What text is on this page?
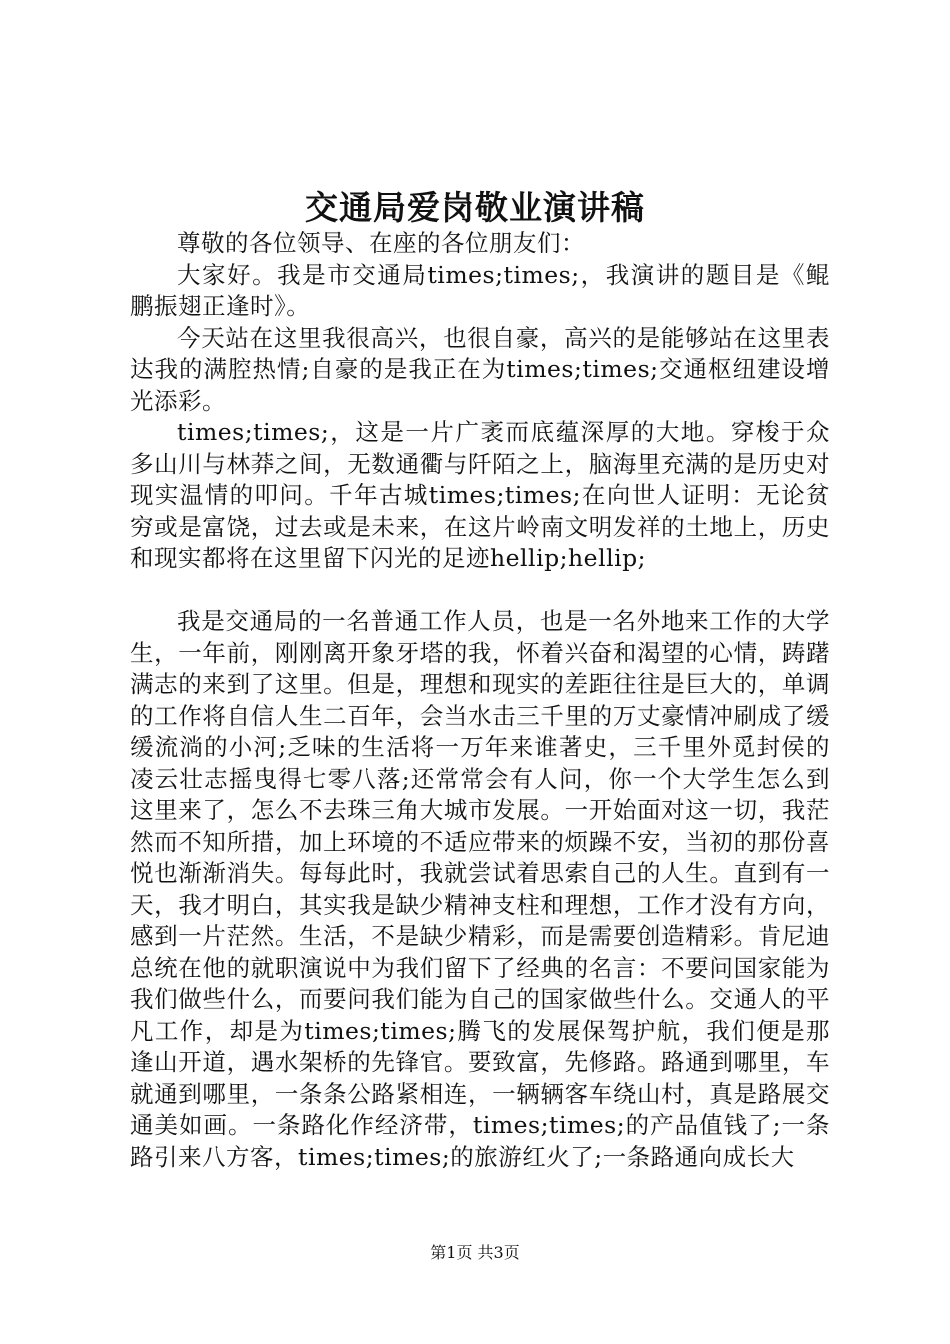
交通局爱岗敬业演讲稿

尊敬的各位领导、在座的各位朋友们：

大家好。我是市交通局times;times;，我演讲的题目是《鲲鹏振翅正逢时》。

今天站在这里我很高兴，也很自豪，高兴的是能够站在这里表达我的满腔热情;自豪的是我正在为times;times;交通枢纽建设增光添彩。

times;times;，这是一片广袤而底蕴深厚的大地。穿梭于众多山川与林莽之间，无数通衢与阡陌之上，脑海里充满的是历史对现实温情的叩问。千年古城times;times;在向世人证明：无论贫穷或是富饶，过去或是未来，在这片岭南文明发祥的土地上，历史和现实都将在这里留下闪光的足迹hellip;hellip;

我是交通局的一名普通工作人员，也是一名外地来工作的大学生，一年前，刚刚离开象牙塔的我，怀着兴奋和渴望的心情，踌躇满志的来到了这里。但是，理想和现实的差距往往是巨大的，单调的工作将自信人生二百年，会当水击三千里的万丈豪情冲刷成了缓缓流淌的小河;乏味的生活将一万年来谁著史，三千里外觅封侯的凌云壮志摇曳得七零八落;还常常会有人问，你一个大学生怎么到这里来了，怎么不去珠三角大城市发展。一开始面对这一切，我茫然而不知所措，加上环境的不适应带来的烦躁不安，当初的那份喜悦也渐渐消失。每每此时，我就尝试着思索自己的人生。直到有一天，我才明白，其实我是缺少精神支柱和理想，工作才没有方向，感到一片茫然。生活，不是缺少精彩，而是需要创造精彩。肯尼迪总统在他的就职演说中为我们留下了经典的名言：不要问国家能为我们做些什么，而要问我们能为自己的国家做些什么。交通人的平凡工作，却是为times;times;腾飞的发展保驾护航，我们便是那逢山开道，遇水架桥的先锋官。要致富，先修路。路通到哪里，车就通到哪里，一条条公路紧相连，一辆辆客车绕山村，真是路展交通美如画。一条路化作经济带，times;times;的产品值钱了;一条路引来八方客，times;times;的旅游红火了;一条路通向成长大

第1页 共3页
